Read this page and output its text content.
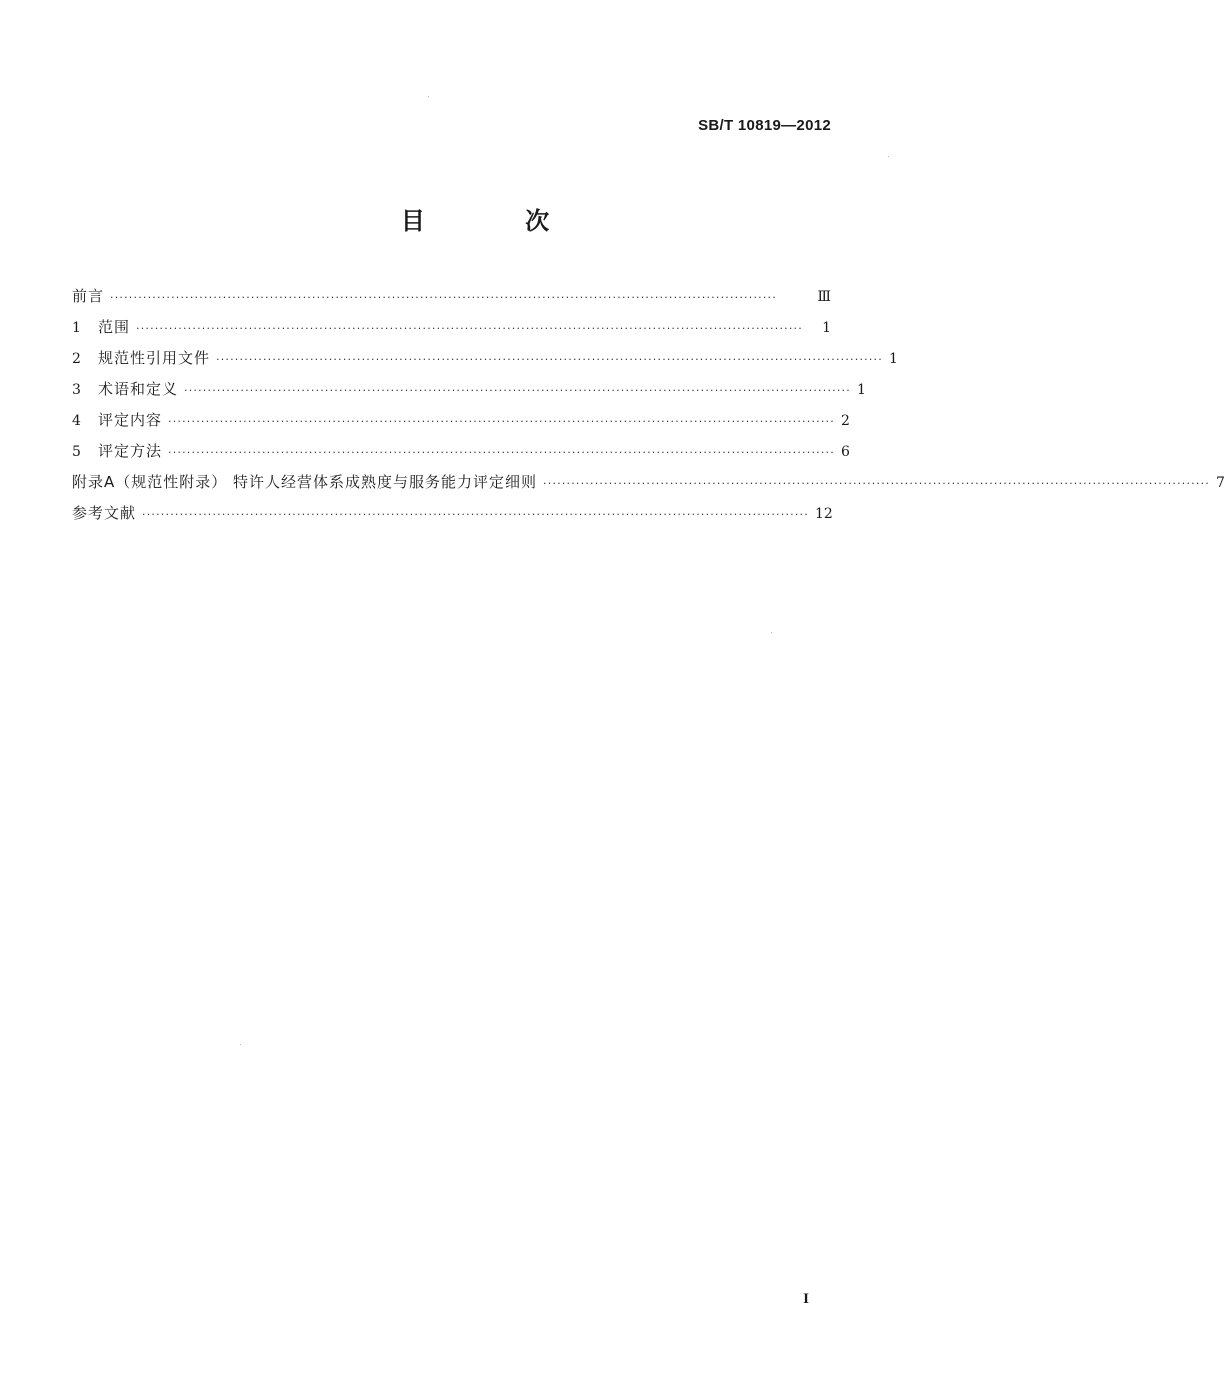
SB/T 10819—2012
目 次
前言 ··············································································································································	Ⅲ
1	范围 ··············································································································································	1
2	规范性引用文件 ·············································································································································· 1
3	术语和定义 ·············································································································································· 1
4	评定内容 ·············································································································································· 2
5	评定方法 ·············································································································································· 6
附录A（规范性附录） 特许人经营体系成熟度与服务能力评定细则 ·············································································································································· 7
参考文献 ·············································································································································· 12
I
